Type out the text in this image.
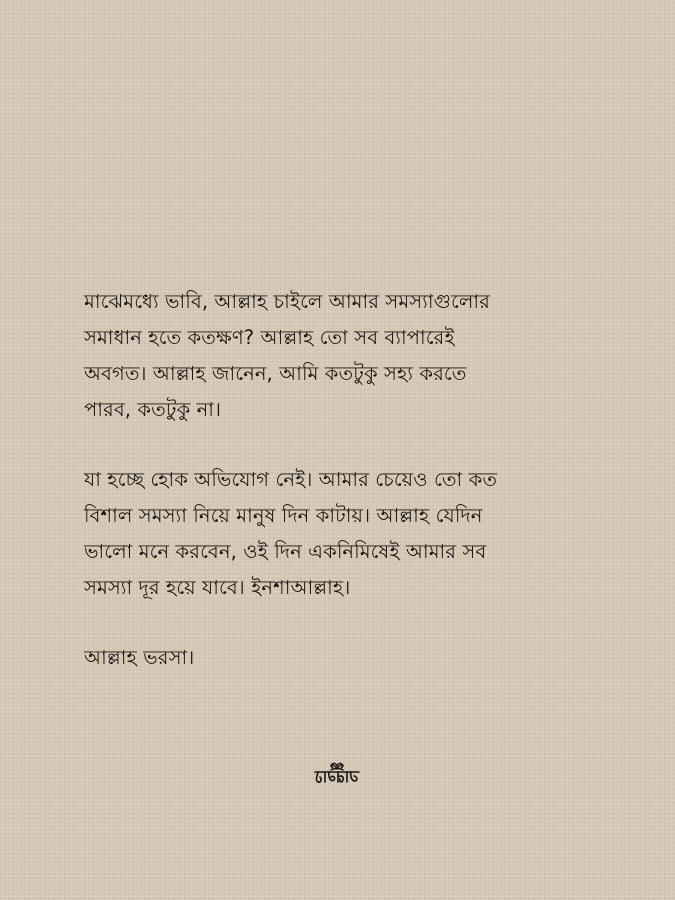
মাঝেমধ্যে ভাবি, আল্লাহ চাইলে আমার সমস্যাগুলোর
সমাধান হতে কতক্ষণ? আল্লাহ তো সব ব্যাপারেই
অবগত। আল্লাহ জানেন, আমি কতটুকু সহ্য করতে
পারব, কতটুকু না।

যা হচ্ছে হোক অভিযোগ নেই। আমার চেয়েও তো কত
বিশাল সমস্যা নিয়ে মানুষ দিন কাটায়। আল্লাহ যেদিন
ভালো মনে করবেন, ওই দিন একনিমিষেই আমার সব
সমস্যা দূর হয়ে যাবে। ইনশাআল্লাহ।

আল্লাহ ভরসা।
